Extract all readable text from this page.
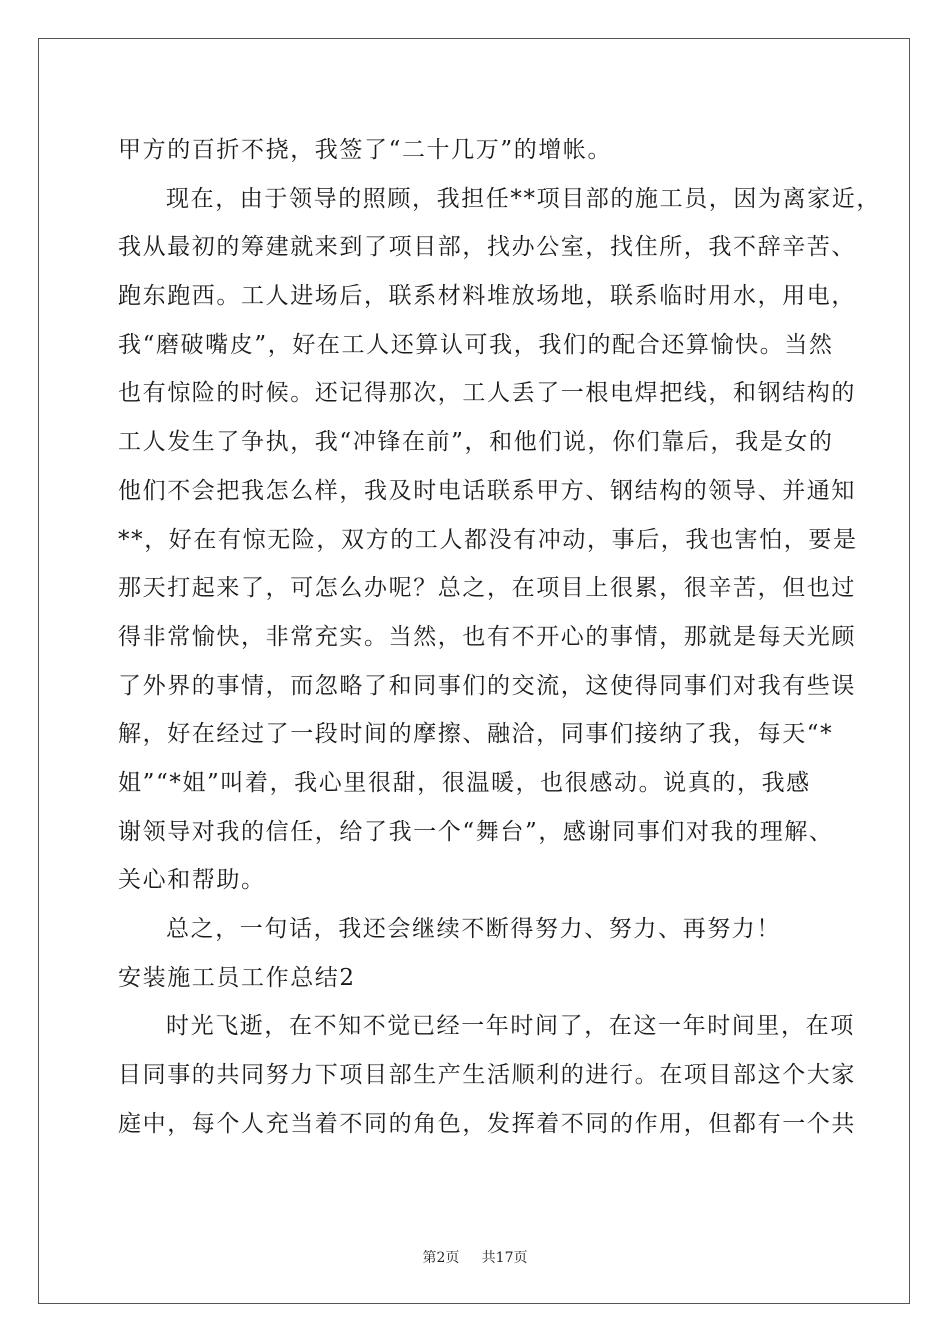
甲方的百折不挠，我签了“二十几万”的增帐。
现在，由于领导的照顾，我担任**项目部的施工员，因为离家近，
我从最初的筹建就来到了项目部，找办公室，找住所，我不辞辛苦、
跑东跑西。工人进场后，联系材料堆放场地，联系临时用水，用电，
我“磨破嘴皮”，好在工人还算认可我，我们的配合还算愉快。当然
也有惊险的时候。还记得那次，工人丢了一根电焊把线，和钢结构的
工人发生了争执，我“冲锋在前”，和他们说，你们靠后，我是女的
他们不会把我怎么样，我及时电话联系甲方、钢结构的领导、并通知
**，好在有惊无险，双方的工人都没有冲动，事后，我也害怕，要是
那天打起来了，可怎么办呢？总之，在项目上很累，很辛苦，但也过
得非常愉快，非常充实。当然，也有不开心的事情，那就是每天光顾
了外界的事情，而忽略了和同事们的交流，这使得同事们对我有些误
解，好在经过了一段时间的摩擦、融洽，同事们接纳了我，每天“*
姐”“*姐”叫着，我心里很甜，很温暖，也很感动。说真的，我感
谢领导对我的信任，给了我一个“舞台”，感谢同事们对我的理解、
关心和帮助。
总之，一句话，我还会继续不断得努力、努力、再努力！
安装施工员工作总结2
时光飞逝，在不知不觉已经一年时间了，在这一年时间里，在项
目同事的共同努力下项目部生产生活顺利的进行。在项目部这个大家
庭中，每个人充当着不同的角色，发挥着不同的作用，但都有一个共
第2页 共17页
